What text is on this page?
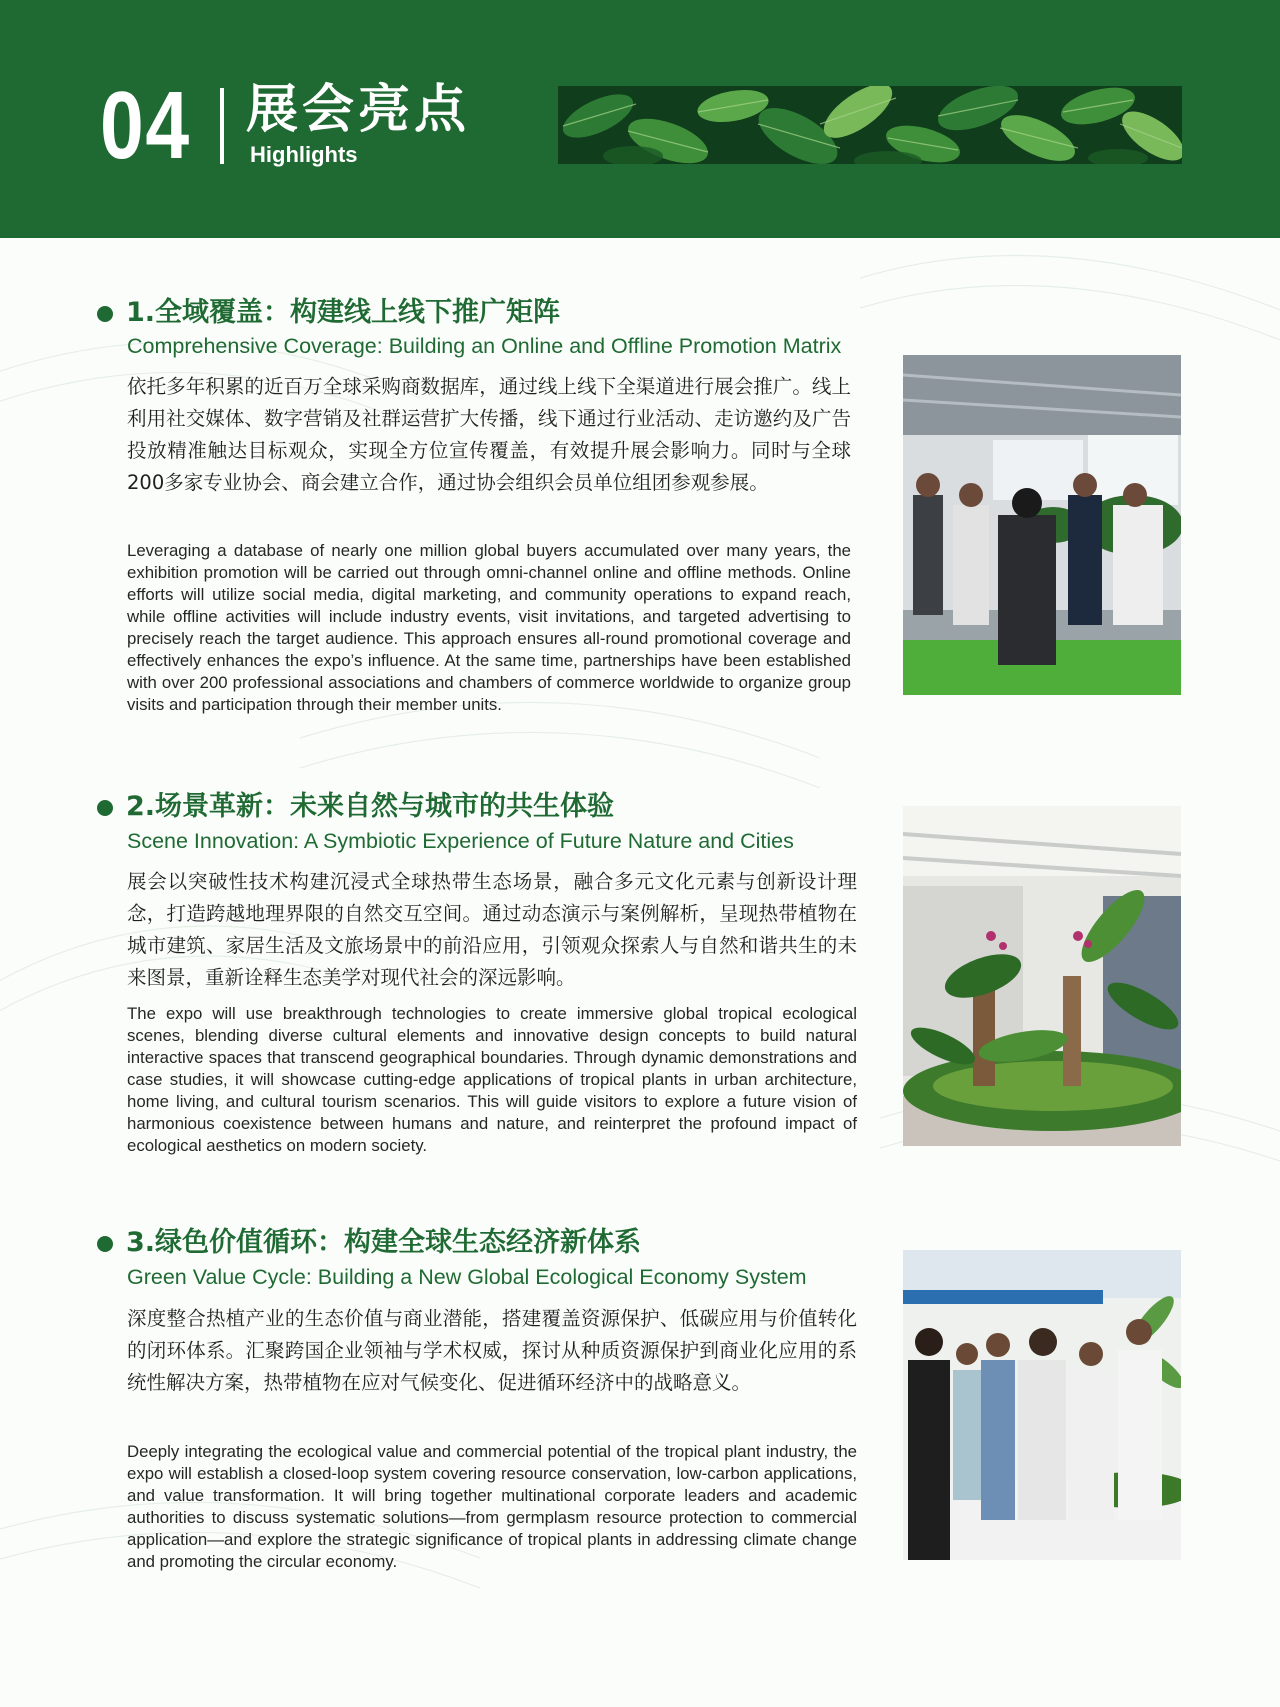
04 展会亮点
Highlights
1.全域覆盖：构建线上线下推广矩阵
Comprehensive Coverage: Building an Online and Offline Promotion Matrix

依托多年积累的近百万全球采购商数据库，通过线上线下全渠道进行展会推广。线上利用社交媒体、数字营销及社群运营扩大传播，线下通过行业活动、走访邀约及广告投放精准触达目标观众，实现全方位宣传覆盖，有效提升展会影响力。同时与全球200多家专业协会、商会建立合作，通过协会组织会员单位组团参观参展。

Leveraging a database of nearly one million global buyers accumulated over many years, the exhibition promotion will be carried out through omni-channel online and offline methods. Online efforts will utilize social media, digital marketing, and community operations to expand reach, while offline activities will include industry events, visit invitations, and targeted advertising to precisely reach the target audience. This approach ensures all-round promotional coverage and effectively enhances the expo’s influence. At the same time, partnerships have been established with over 200 professional associations and chambers of commerce worldwide to organize group visits and participation through their member units.

2.场景革新：未来自然与城市的共生体验
Scene Innovation: A Symbiotic Experience of Future Nature and Cities

展会以突破性技术构建沉浸式全球热带生态场景，融合多元文化元素与创新设计理念，打造跨越地理界限的自然交互空间。通过动态演示与案例解析，呈现热带植物在城市建筑、家居生活及文旅场景中的前沿应用，引领观众探索人与自然和谐共生的未来图景，重新诠释生态美学对现代社会的深远影响。

The expo will use breakthrough technologies to create immersive global tropical ecological scenes, blending diverse cultural elements and innovative design concepts to build natural interactive spaces that transcend geographical boundaries. Through dynamic demonstrations and case studies, it will showcase cutting-edge applications of tropical plants in urban architecture, home living, and cultural tourism scenarios. This will guide visitors to explore a future vision of harmonious coexistence between humans and nature, and reinterpret the profound impact of ecological aesthetics on modern society.

3.绿色价值循环：构建全球生态经济新体系
Green Value Cycle: Building a New Global Ecological Economy System

深度整合热植产业的生态价值与商业潜能，搭建覆盖资源保护、低碳应用与价值转化的闭环体系。汇聚跨国企业领袖与学术权威，探讨从种质资源保护到商业化应用的系统性解决方案，热带植物在应对气候变化、促进循环经济中的战略意义。

Deeply integrating the ecological value and commercial potential of the tropical plant industry, the expo will establish a closed-loop system covering resource conservation, low-carbon applications, and value transformation. It will bring together multinational corporate leaders and academic authorities to discuss systematic solutions—from germplasm resource protection to commercial application—and explore the strategic significance of tropical plants in addressing climate change and promoting the circular economy.
